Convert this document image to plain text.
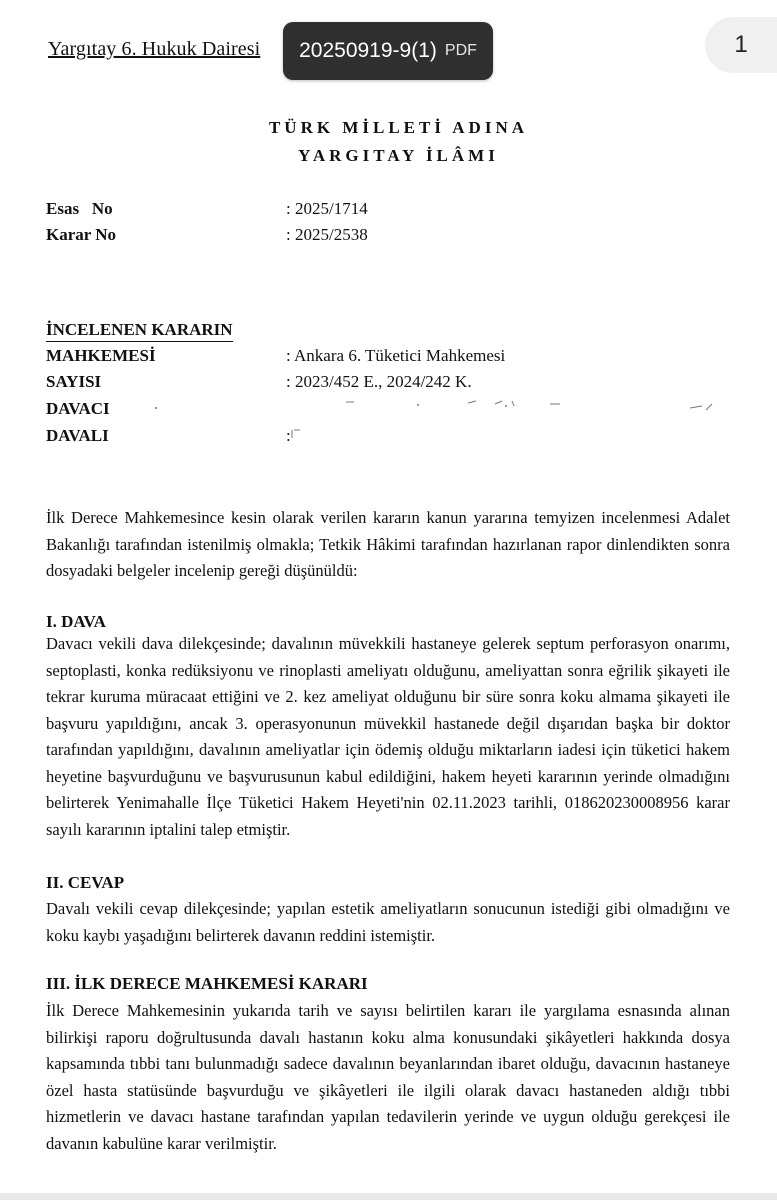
Yargıtay 6. Hukuk Dairesi 20250919-9(1) PDF	1
TÜRK MİLLETİ ADINA
YARGITAY İLÂMI
Esas   No	: 2025/1714
Karar No	: 2025/2538
İNCELENEN KARARIN
MAHKEMESİ	: Ankara 6. Tüketici Mahkemesi
SAYISI	: 2023/452 E., 2024/242 K.
DAVACI
DAVALI	:

İlk Derece Mahkemesince kesin olarak verilen kararın kanun yararına temyizen incelenmesi Adalet Bakanlığı tarafından istenilmiş olmakla; Tetkik Hâkimi tarafından hazırlanan rapor dinlendikten sonra dosyadaki belgeler incelenip gereği düşünüldü:

I. DAVA

Davacı vekili dava dilekçesinde; davalının müvekkili hastaneye gelerek septum perforasyon onarımı, septoplasti, konka redüksiyonu ve rinoplasti ameliyatı olduğunu, ameliyattan sonra eğrilik şikayeti ile tekrar kuruma müracaat ettiğini ve 2. kez ameliyat olduğunu bir süre sonra koku almama şikayeti ile başvuru yapıldığını, ancak 3. operasyonunun müvekkil hastanede değil dışarıdan başka bir doktor tarafından yapıldığını, davalının ameliyatlar için ödemiş olduğu miktarların iadesi için tüketici hakem heyetine başvurduğunu ve başvurusunun kabul edildiğini, hakem heyeti kararının yerinde olmadığını belirterek Yenimahalle İlçe Tüketici Hakem Heyeti'nin 02.11.2023 tarihli, 018620230008956 karar sayılı kararının iptalini talep etmiştir.

II. CEVAP

Davalı vekili cevap dilekçesinde; yapılan estetik ameliyatların sonucunun istediği gibi olmadığını ve koku kaybı yaşadığını belirterek davanın reddini istemiştir.

III. İLK DERECE MAHKEMESİ KARARI

İlk Derece Mahkemesinin yukarıda tarih ve sayısı belirtilen kararı ile yargılama esnasında alınan bilirkişi raporu doğrultusunda davalı hastanın koku alma konusundaki şikâyetleri hakkında dosya kapsamında tıbbi tanı bulunmadığı sadece davalının beyanlarından ibaret olduğu, davacının hastaneye özel hasta statüsünde başvurduğu ve şikâyetleri ile ilgili olarak davacı hastaneden aldığı tıbbi hizmetlerin ve davacı hastane tarafından yapılan tedavilerin yerinde ve uygun olduğu gerekçesi ile davanın kabulüne karar verilmiştir.
